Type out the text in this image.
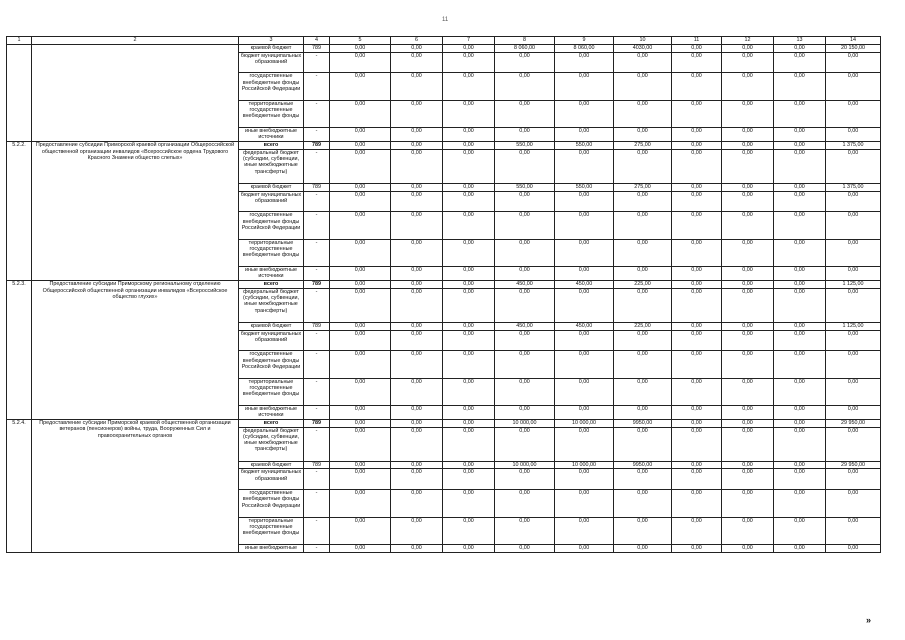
11
1	2	3	4	5	6	7	8	9	10	11	12	13	14
		краевой бюджет	789	0,00	0,00	0,00	8 060,00	8 060,00	4030,00	0,00	0,00	0,00	20 150,00
		бюджет муниципальных образований	-	0,00	0,00	0,00	0,00	0,00	0,00	0,00	0,00	0,00	0,00
		государственные внебюджетные фонды Российской Федерации	-	0,00	0,00	0,00	0,00	0,00	0,00	0,00	0,00	0,00	0,00
		территориальные государственные внебюджетные фонды	-	0,00	0,00	0,00	0,00	0,00	0,00	0,00	0,00	0,00	0,00
		иные внебюджетные источники	-	0,00	0,00	0,00	0,00	0,00	0,00	0,00	0,00	0,00	0,00
5.2.2.	Предоставление субсидии Приморской краевой организации Общероссийской общественной организации инвалидов «Всероссийское ордена Трудового Красного Знамени общество слепых»	всего	789	0,00	0,00	0,00	550,00	550,00	275,00	0,00	0,00	0,00	1 375,00
		федеральный бюджет (субсидии, субвенции, иные межбюджетные трансферты)	-	0,00	0,00	0,00	0,00	0,00	0,00	0,00	0,00	0,00	0,00
		краевой бюджет	789	0,00	0,00	0,00	550,00	550,00	275,00	0,00	0,00	0,00	1 375,00
		бюджет муниципальных образований	-	0,00	0,00	0,00	0,00	0,00	0,00	0,00	0,00	0,00	0,00
		государственные внебюджетные фонды Российской Федерации	-	0,00	0,00	0,00	0,00	0,00	0,00	0,00	0,00	0,00	0,00
		территориальные государственные внебюджетные фонды	-	0,00	0,00	0,00	0,00	0,00	0,00	0,00	0,00	0,00	0,00
		иные внебюджетные источники	-	0,00	0,00	0,00	0,00	0,00	0,00	0,00	0,00	0,00	0,00
5.2.3.	Предоставление субсидии Приморскому региональному отделению Общероссийской общественной организации инвалидов «Всероссийское общество глухих»	всего	789	0,00	0,00	0,00	450,00	450,00	225,00	0,00	0,00	0,00	1 125,00
		федеральный бюджет (субсидии, субвенции, иные межбюджетные трансферты)	-	0,00	0,00	0,00	0,00	0,00	0,00	0,00	0,00	0,00	0,00
		краевой бюджет	789	0,00	0,00	0,00	450,00	450,00	225,00	0,00	0,00	0,00	1 125,00
		бюджет муниципальных образований	-	0,00	0,00	0,00	0,00	0,00	0,00	0,00	0,00	0,00	0,00
		государственные внебюджетные фонды Российской Федерации	-	0,00	0,00	0,00	0,00	0,00	0,00	0,00	0,00	0,00	0,00
		территориальные государственные внебюджетные фонды	-	0,00	0,00	0,00	0,00	0,00	0,00	0,00	0,00	0,00	0,00
		иные внебюджетные источники	-	0,00	0,00	0,00	0,00	0,00	0,00	0,00	0,00	0,00	0,00
5.2.4.	Предоставление субсидии Приморской краевой общественной организации ветеранов (пенсионеров) войны, труда, Вооруженных Сил и правоохранительных органов	всего	789	0,00	0,00	0,00	10 000,00	10 000,00	9950,00	0,00	0,00	0,00	29 950,00
		федеральный бюджет (субсидии, субвенции, иные межбюджетные трансферты)	-	0,00	0,00	0,00	0,00	0,00	0,00	0,00	0,00	0,00	0,00
		краевой бюджет	789	0,00	0,00	0,00	10 000,00	10 000,00	9950,00	0,00	0,00	0,00	29 950,00
		бюджет муниципальных образований	-	0,00	0,00	0,00	0,00	0,00	0,00	0,00	0,00	0,00	0,00
		государственные внебюджетные фонды Российской Федерации	-	0,00	0,00	0,00	0,00	0,00	0,00	0,00	0,00	0,00	0,00
		территориальные государственные внебюджетные фонды	-	0,00	0,00	0,00	0,00	0,00	0,00	0,00	0,00	0,00	0,00
		иные внебюджетные	-	0,00	0,00	0,00	0,00	0,00	0,00	0,00	0,00	0,00	0,00
»
